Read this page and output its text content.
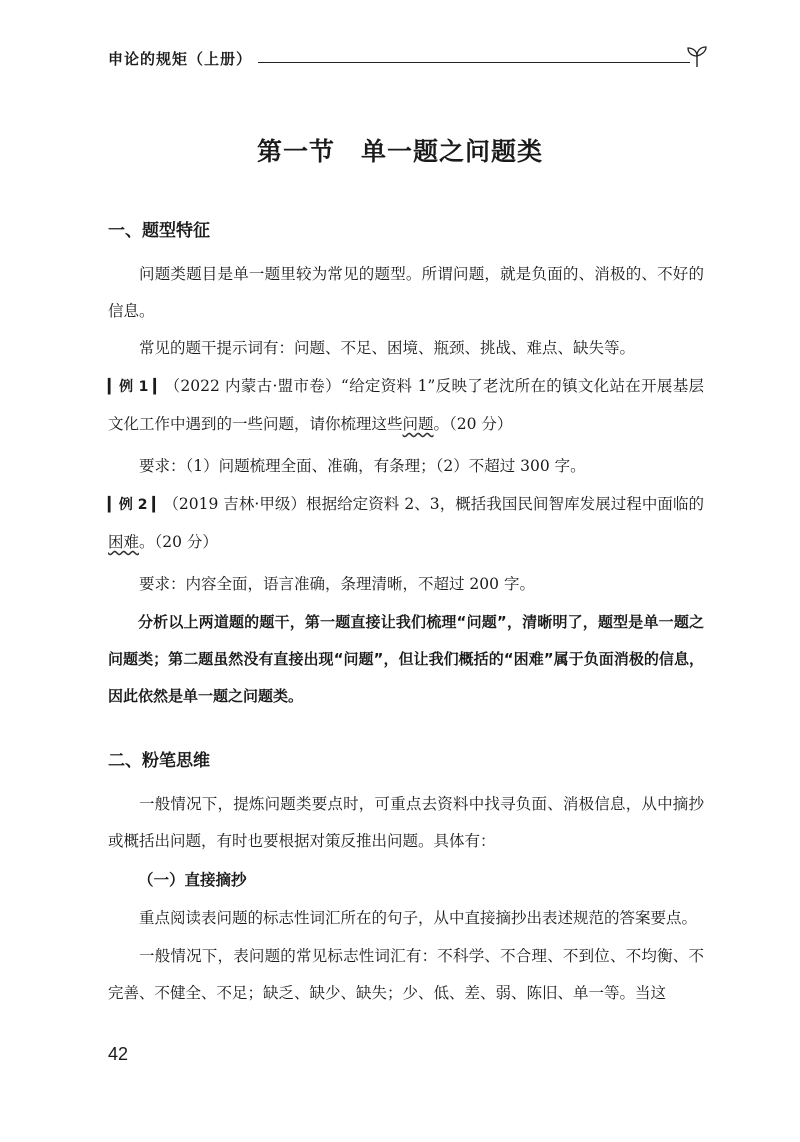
申论的规矩（上册）
第一节　单一题之问题类
一、题型特征
问题类题目是单一题里较为常见的题型。所谓问题，就是负面的、消极的、不好的信息。
常见的题干提示词有：问题、不足、困境、瓶颈、挑战、难点、缺失等。
▎例 1 ▎（2022 内蒙古·盟市卷）“给定资料 1”反映了老沈所在的镇文化站在开展基层文化工作中遇到的一些问题，请你梳理这些问题。（20 分）
要求：（1）问题梳理全面、准确，有条理；（2）不超过 300 字。
▎例 2 ▎（2019 吉林·甲级）根据给定资料 2、3，概括我国民间智库发展过程中面临的困难。（20 分）
要求：内容全面，语言准确，条理清晰，不超过 200 字。
分析以上两道题的题干，第一题直接让我们梳理“问题”，清晰明了，题型是单一题之问题类；第二题虽然没有直接出现“问题”，但让我们概括的“困难”属于负面消极的信息，因此依然是单一题之问题类。
二、粉笔思维
一般情况下，提炼问题类要点时，可重点去资料中找寻负面、消极信息，从中摘抄或概括出问题，有时也要根据对策反推出问题。具体有：
（一）直接摘抄
重点阅读表问题的标志性词汇所在的句子，从中直接摘抄出表述规范的答案要点。
一般情况下，表问题的常见标志性词汇有：不科学、不合理、不到位、不均衡、不完善、不健全、不足；缺乏、缺少、缺失；少、低、差、弱、陈旧、单一等。当这
42
